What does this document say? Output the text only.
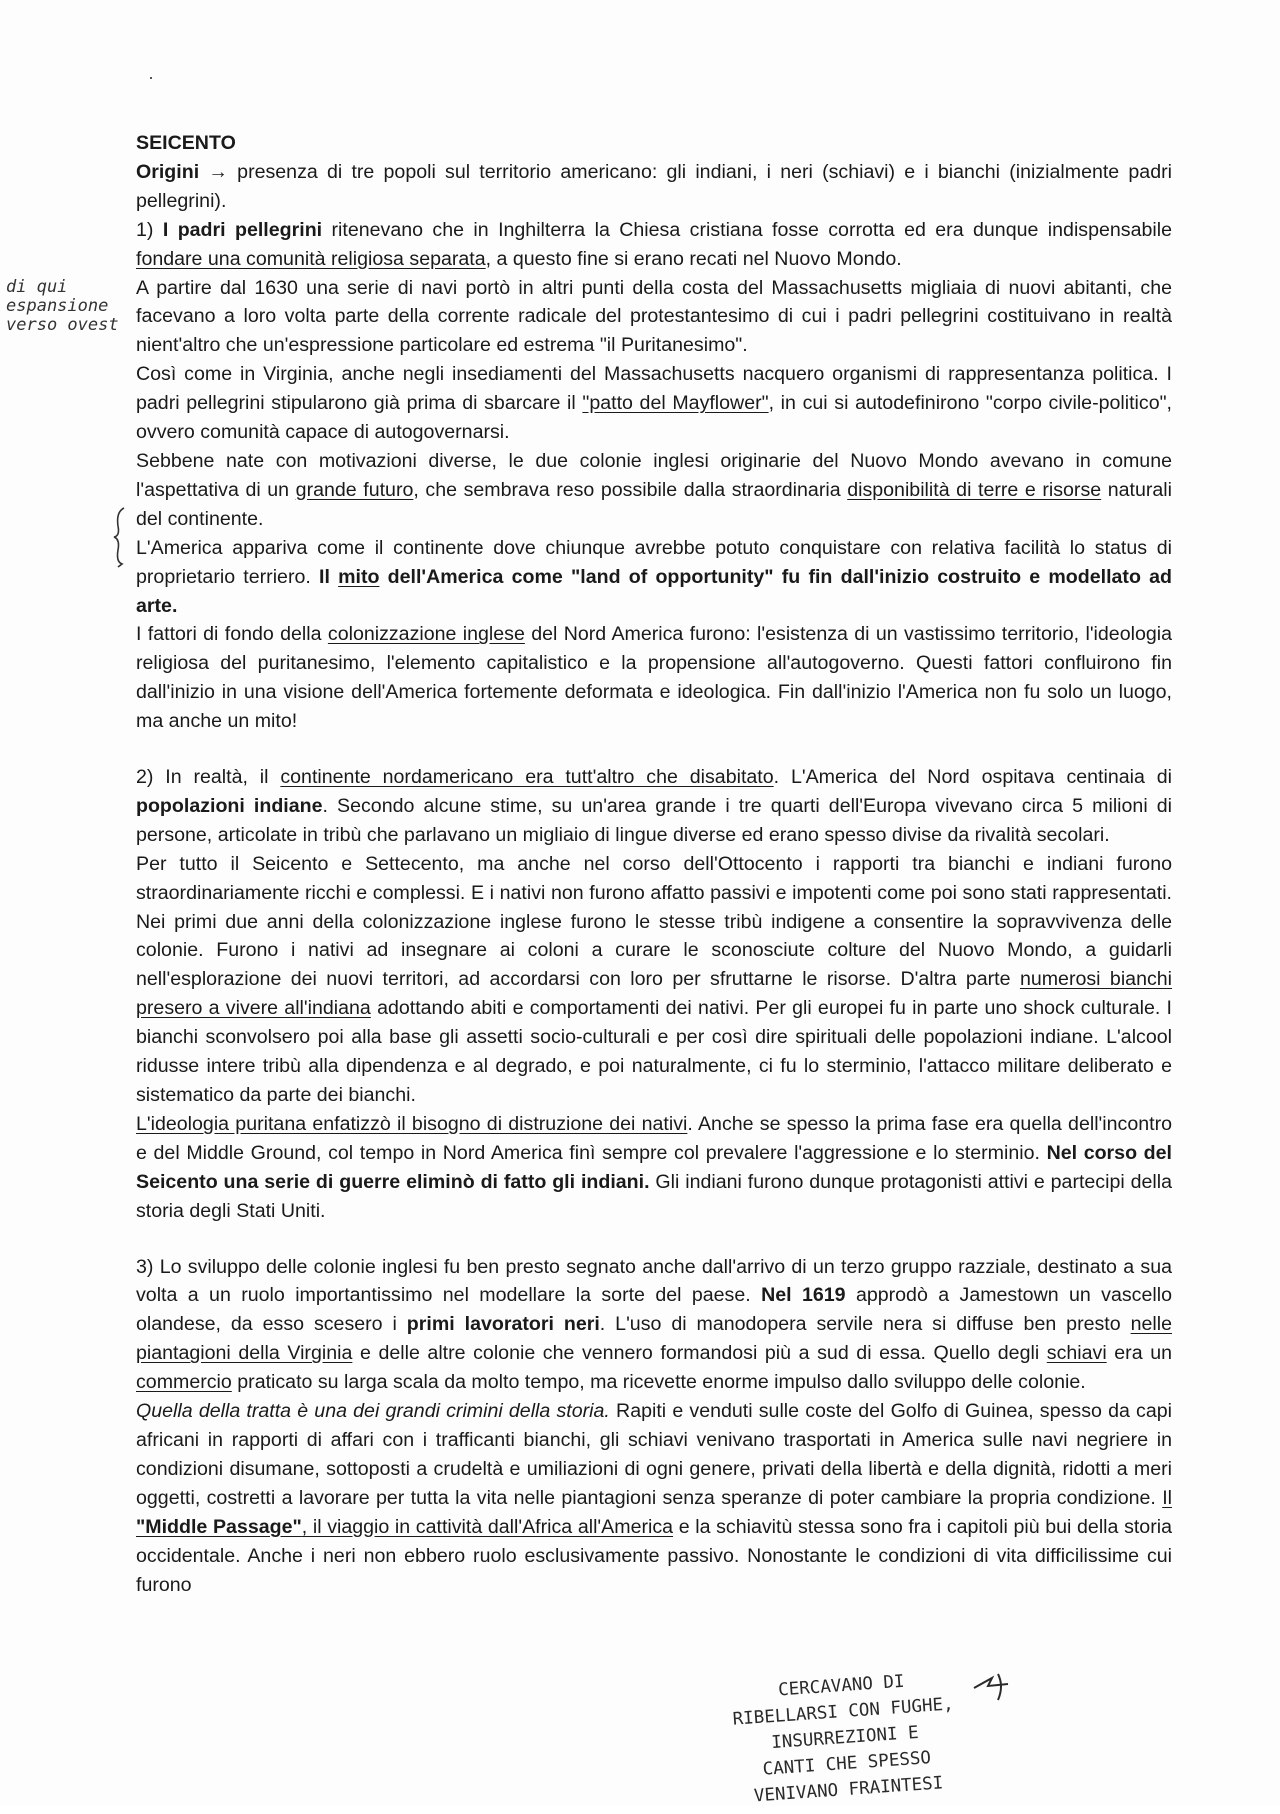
di qui
espansione
verso ovest

SEICENTO

Origini → presenza di tre popoli sul territorio americano: gli indiani, i neri (schiavi) e i bianchi (inizialmente padri pellegrini).

1) I padri pellegrini ritenevano che in Inghilterra la Chiesa cristiana fosse corrotta ed era dunque indispensabile fondare una comunità religiosa separata, a questo fine si erano recati nel Nuovo Mondo.

A partire dal 1630 una serie di navi portò in altri punti della costa del Massachusetts migliaia di nuovi abitanti, che facevano a loro volta parte della corrente radicale del protestantesimo di cui i padri pellegrini costituivano in realtà nient'altro che un'espressione particolare ed estrema "il Puritanesimo".

Così come in Virginia, anche negli insediamenti del Massachusetts nacquero organismi di rappresentanza politica. I padri pellegrini stipularono già prima di sbarcare il "patto del Mayflower", in cui si autodefinirono "corpo civile-politico", ovvero comunità capace di autogovernarsi.

Sebbene nate con motivazioni diverse, le due colonie inglesi originarie del Nuovo Mondo avevano in comune l'aspettativa di un grande futuro, che sembrava reso possibile dalla straordinaria disponibilità di terre e risorse naturali del continente.

L'America appariva come il continente dove chiunque avrebbe potuto conquistare con relativa facilità lo status di proprietario terriero. Il mito dell'America come "land of opportunity" fu fin dall'inizio costruito e modellato ad arte.

I fattori di fondo della colonizzazione inglese del Nord America furono: l'esistenza di un vastissimo territorio, l'ideologia religiosa del puritanesimo, l'elemento capitalistico e la propensione all'autogoverno. Questi fattori confluirono fin dall'inizio in una visione dell'America fortemente deformata e ideologica. Fin dall'inizio l'America non fu solo un luogo, ma anche un mito!

2) In realtà, il continente nordamericano era tutt'altro che disabitato. L'America del Nord ospitava centinaia di popolazioni indiane. Secondo alcune stime, su un'area grande i tre quarti dell'Europa vivevano circa 5 milioni di persone, articolate in tribù che parlavano un migliaio di lingue diverse ed erano spesso divise da rivalità secolari.

Per tutto il Seicento e Settecento, ma anche nel corso dell'Ottocento i rapporti tra bianchi e indiani furono straordinariamente ricchi e complessi. E i nativi non furono affatto passivi e impotenti come poi sono stati rappresentati. Nei primi due anni della colonizzazione inglese furono le stesse tribù indigene a consentire la sopravvivenza delle colonie. Furono i nativi ad insegnare ai coloni a curare le sconosciute colture del Nuovo Mondo, a guidarli nell'esplorazione dei nuovi territori, ad accordarsi con loro per sfruttarne le risorse. D'altra parte numerosi bianchi presero a vivere all'indiana adottando abiti e comportamenti dei nativi. Per gli europei fu in parte uno shock culturale. I bianchi sconvolsero poi alla base gli assetti socio-culturali e per così dire spirituali delle popolazioni indiane. L'alcool ridusse intere tribù alla dipendenza e al degrado, e poi naturalmente, ci fu lo sterminio, l'attacco militare deliberato e sistematico da parte dei bianchi.

L'ideologia puritana enfatizzò il bisogno di distruzione dei nativi. Anche se spesso la prima fase era quella dell'incontro e del Middle Ground, col tempo in Nord America finì sempre col prevalere l'aggressione e lo sterminio. Nel corso del Seicento una serie di guerre eliminò di fatto gli indiani. Gli indiani furono dunque protagonisti attivi e partecipi della storia degli Stati Uniti.

3) Lo sviluppo delle colonie inglesi fu ben presto segnato anche dall'arrivo di un terzo gruppo razziale, destinato a sua volta a un ruolo importantissimo nel modellare la sorte del paese. Nel 1619 approdò a Jamestown un vascello olandese, da esso scesero i primi lavoratori neri. L'uso di manodopera servile nera si diffuse ben presto nelle piantagioni della Virginia e delle altre colonie che vennero formandosi più a sud di essa. Quello degli schiavi era un commercio praticato su larga scala da molto tempo, ma ricevette enorme impulso dallo sviluppo delle colonie.

Quella della tratta è una dei grandi crimini della storia. Rapiti e venduti sulle coste del Golfo di Guinea, spesso da capi africani in rapporti di affari con i trafficanti bianchi, gli schiavi venivano trasportati in America sulle navi negriere in condizioni disumane, sottoposti a crudeltà e umiliazioni di ogni genere, privati della libertà e della dignità, ridotti a meri oggetti, costretti a lavorare per tutta la vita nelle piantagioni senza speranze di poter cambiare la propria condizione. Il "Middle Passage", il viaggio in cattività dall'Africa all'America e la schiavitù stessa sono fra i capitoli più bui della storia occidentale. Anche i neri non ebbero ruolo esclusivamente passivo. Nonostante le condizioni di vita difficilissime cui furono

CERCAVANO DI
RIBELLARSI CON FUGHE,
INSURREZIONI E
CANTI CHE SPESSO
VENIVANO FRAINTESI
